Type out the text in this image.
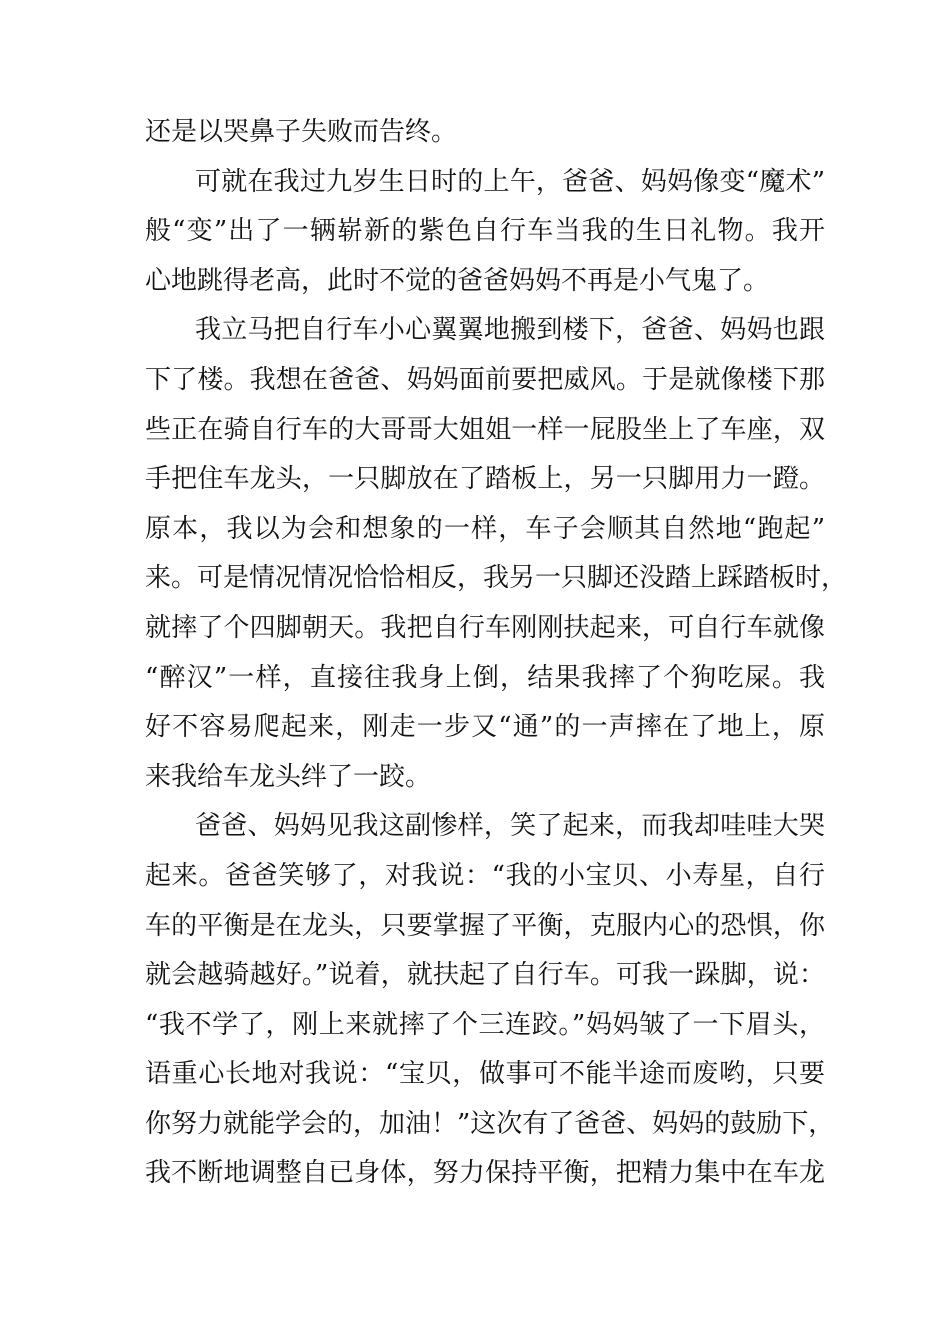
还是以哭鼻子失败而告终。
可就在我过九岁生日时的上午，爸爸、妈妈像变“魔术”
般“变”出了一辆崭新的紫色自行车当我的生日礼物。我开
心地跳得老高，此时不觉的爸爸妈妈不再是小气鬼了。
我立马把自行车小心翼翼地搬到楼下，爸爸、妈妈也跟
下了楼。我想在爸爸、妈妈面前要把威风。于是就像楼下那
些正在骑自行车的大哥哥大姐姐一样一屁股坐上了车座，双
手把住车龙头，一只脚放在了踏板上，另一只脚用力一蹬。
原本，我以为会和想象的一样，车子会顺其自然地“跑起”
来。可是情况情况恰恰相反，我另一只脚还没踏上踩踏板时，
就摔了个四脚朝天。我把自行车刚刚扶起来，可自行车就像
“醉汉”一样，直接往我身上倒，结果我摔了个狗吃屎。我
好不容易爬起来，刚走一步又“通”的一声摔在了地上，原
来我给车龙头绊了一跤。
爸爸、妈妈见我这副惨样，笑了起来，而我却哇哇大哭
起来。爸爸笑够了，对我说：“我的小宝贝、小寿星，自行
车的平衡是在龙头，只要掌握了平衡，克服内心的恐惧，你
就会越骑越好。”说着，就扶起了自行车。可我一跺脚，说：
“我不学了，刚上来就摔了个三连跤。”妈妈皱了一下眉头，
语重心长地对我说：“宝贝，做事可不能半途而废哟，只要
你努力就能学会的，加油！”这次有了爸爸、妈妈的鼓励下，
我不断地调整自已身体，努力保持平衡，把精力集中在车龙
